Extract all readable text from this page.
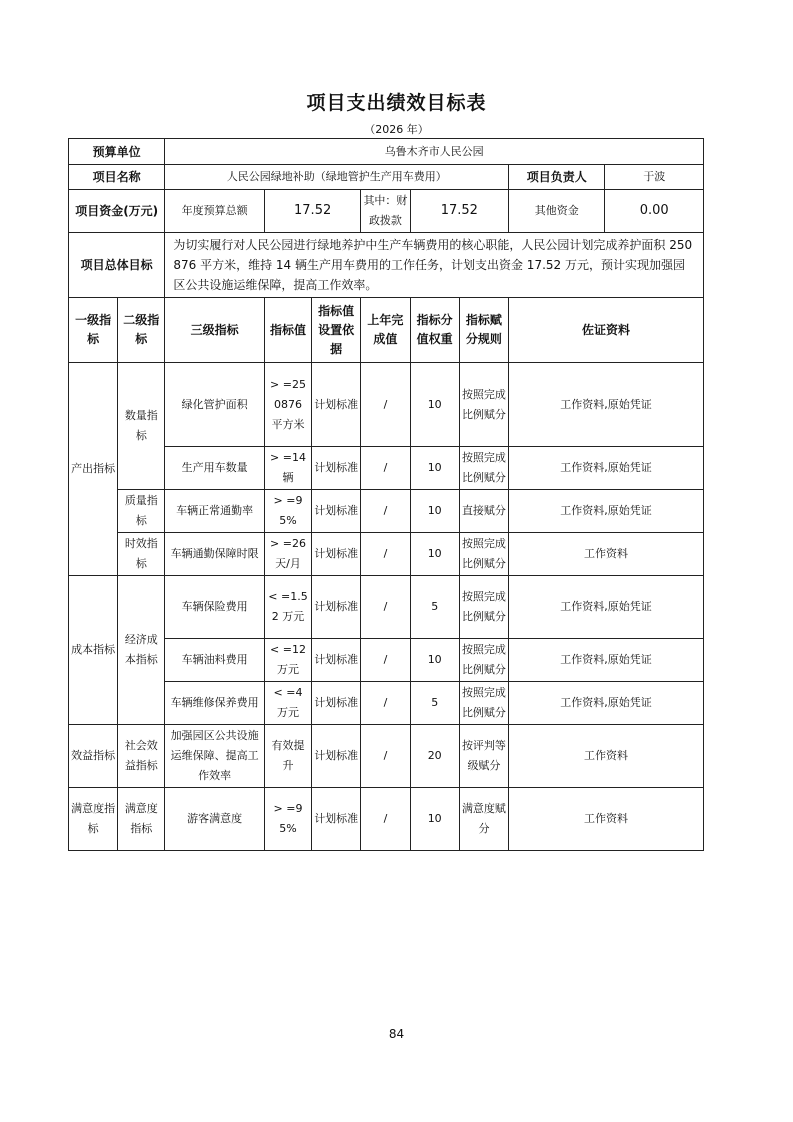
项目支出绩效目标表
（2026 年）
预算单位		乌鲁木齐市人民公园							
项目名称		人民公园绿地补助（绿地管护生产用车费用）						项目负责人	于波
项目资金(万元)		年度预算总额	17.52		其中：财政拨款	17.52		其他资金	0.00
项目总体目标		为切实履行对人民公园进行绿地养护中生产车辆费用的核心职能，人民公园计划完成养护面积 250876 平方米，维持 14 辆生产用车费用的工作任务，计划支出资金 17.52 万元，预计实现加强园区公共设施运维保障，提高工作效率。							
一级指标	二级指标	三级指标	指标值	指标值设置依据	上年完成值	指标分值权重	指标赋分规则	佐证资料	
产出指标	数量指标	绿化管护面积	> =250876 平方米	计划标准	/	10	按照完成比例赋分	工作资料,原始凭证	
		生产用车数量	> =14 辆	计划标准	/	10	按照完成比例赋分	工作资料,原始凭证	
	质量指标	车辆正常通勤率	> =95%	计划标准	/	10	直接赋分	工作资料,原始凭证	
	时效指标	车辆通勤保障时限	> =26 天/月	计划标准	/	10	按照完成比例赋分	工作资料	
成本指标	经济成本指标	车辆保险费用	< =1.52 万元	计划标准	/	5	按照完成比例赋分	工作资料,原始凭证	
		车辆油料费用	< =12 万元	计划标准	/	10	按照完成比例赋分	工作资料,原始凭证	
		车辆维修保养费用	< =4 万元	计划标准	/	5	按照完成比例赋分	工作资料,原始凭证	
效益指标	社会效益指标	加强园区公共设施运维保障、提高工作效率	有效提升	计划标准	/	20	按评判等级赋分	工作资料	
满意度指标	满意度指标	游客满意度	> =95%	计划标准	/	10	满意度赋分	工作资料	
84
